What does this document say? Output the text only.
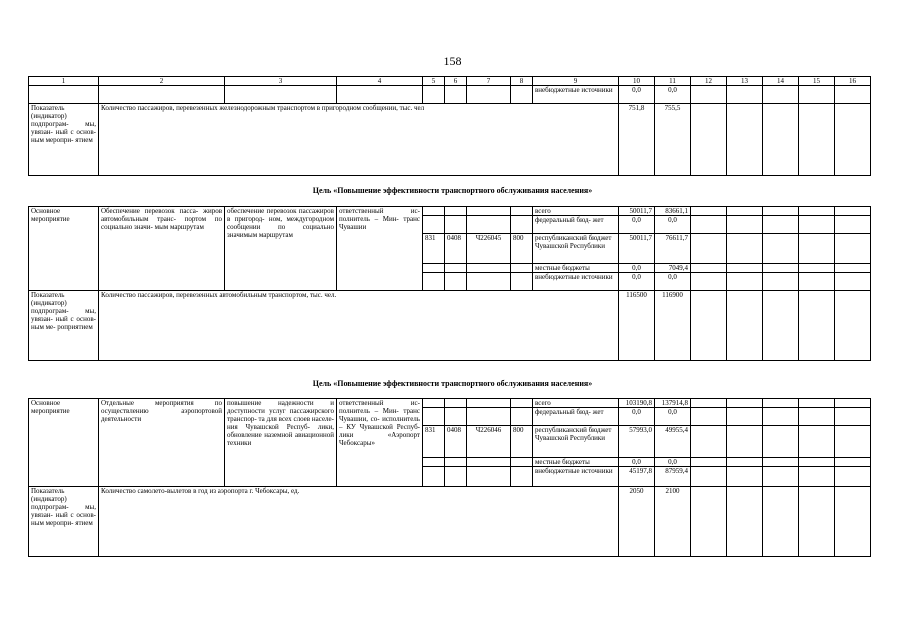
158
1	2	3	4	5	6	7	8	9	10	11	12	13	14	15	16
								внебюджетные источники	0,0	0,0					
Показатель (индикатор) подпрограм- мы, увязан- ный с основ- ным меропри- ятием	Количество пассажиров, перевезенных железнодорожным транспортом в пригородном сообщении, тыс. чел								751,8	755,5					
Цель «Повышение эффективности транспортного обслуживания населения»
Основное мероприятие	Обеспечение перевозок пасса- жиров автомобильным транс- портом по социально значи- мым маршрутам	обеспечение перевозок пассажиров в пригород- ном, междугородном сообщении по социально значимым маршрутам	ответственный ис- полнитель – Мин- транс Чувашии					всего	50011,7	83661,1					
								федеральный бюд- жет	0,0	0,0					
				831	0408	Ч226045	800	республиканский бюджет Чувашской Республики	50011,7	76611,7					
								местные бюджеты	0,0	7049,4					
								внебюджетные источники	0,0	0,0					
Показатель (индикатор) подпрограм- мы, увязан- ный с основ- ным ме- роприятием	Количество пассажиров, перевезенных автомобильным транспортом, тыс. чел.								116500	116900					
Цель «Повышение эффективности транспортного обслуживания населения»
Основное мероприятие	Отдельные мероприятия по осуществлению аэропортовой деятельности	повышение надежности и доступности услуг пассажирского транспор- та для всех слоев населе- ния Чувашской Респуб- лики, обновление наземной авиационной техники	ответственный ис- полнитель – Мин- транс Чувашии, со- исполнитель – КУ Чувашской Респуб- лики «Аэропорт Чебоксары»					всего	103190,8	137914,8					
								федеральный бюд- жет	0,0	0,0					
				831	0408	Ч226046	800	республиканский бюджет Чувашской Республики	57993,0	49955,4					
								местные бюджеты	0,0	0,0					
								внебюджетные источники	45197,8	87959,4					
Показатель (индикатор) подпрограм- мы, увязан- ный с основ- ным меропри- ятием	Количество самолето-вылетов в год из аэропорта г. Чебоксары, ед.								2050	2100					
